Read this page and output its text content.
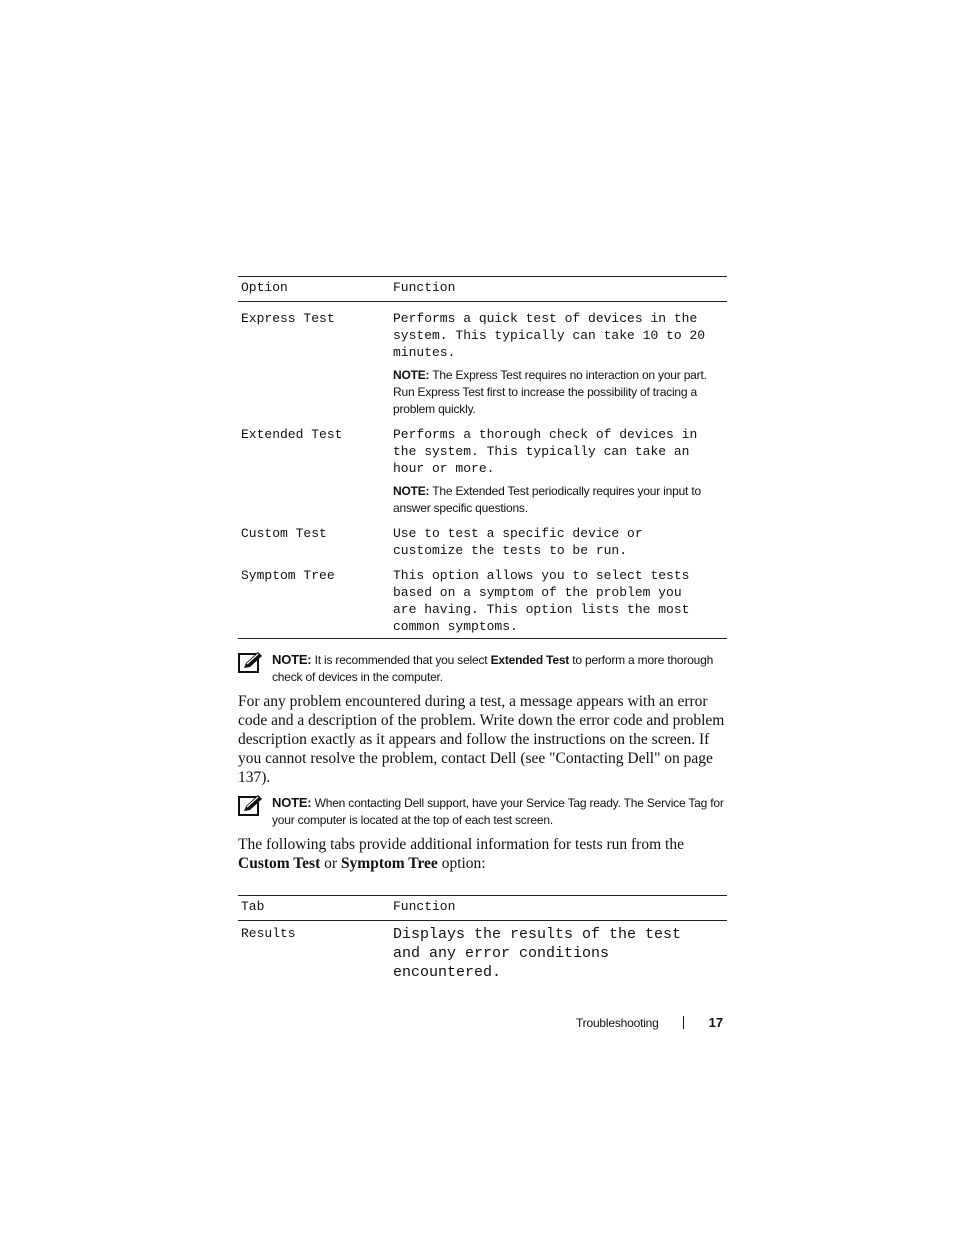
Option	Function
Express Test	Performs a quick test of devices in the
system. This typically can take 10 to 20
minutes.
NOTE: The Express Test requires no interaction on your part. Run Express Test first to increase the possibility of tracing a problem quickly.
Extended Test	Performs a thorough check of devices in
the system. This typically can take an
hour or more.
NOTE: The Extended Test periodically requires your input to answer specific questions.
Custom Test	Use to test a specific device or
customize the tests to be run.
Symptom Tree	This option allows you to select tests
based on a symptom of the problem you
are having. This option lists the most
common symptoms.
NOTE: It is recommended that you select Extended Test to perform a more thorough check of devices in the computer.
For any problem encountered during a test, a message appears with an error code and a description of the problem. Write down the error code and problem description exactly as it appears and follow the instructions on the screen. If you cannot resolve the problem, contact Dell (see "Contacting Dell" on page 137).
NOTE: When contacting Dell support, have your Service Tag ready. The Service Tag for your computer is located at the top of each test screen.
The following tabs provide additional information for tests run from the Custom Test or Symptom Tree option:
Tab	Function
Results	Displays the results of the test
and any error conditions
encountered.
Troubleshooting	17
